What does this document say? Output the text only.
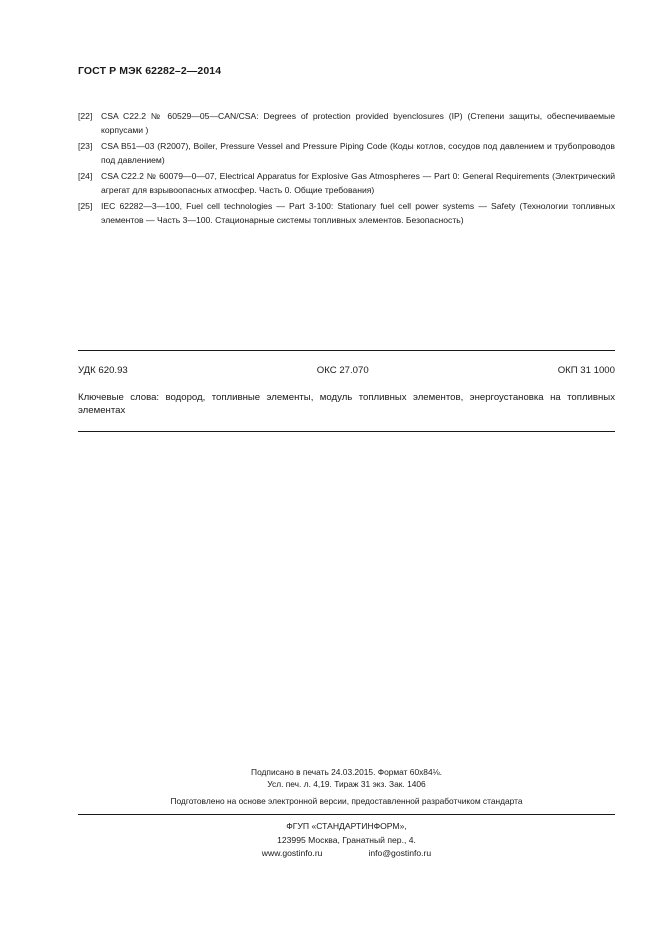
ГОСТ Р МЭК 62282–2—2014
[22]	CSA C22.2 № 60529—05—CAN/CSA: Degrees of protection provided byenclosures (IP) (Степени защиты, обеспечиваемые корпусами )
[23]	CSA B51—03 (R2007), Boiler, Pressure Vessel and Pressure Piping Code (Коды котлов, сосудов под давлением и трубопроводов под давлением)
[24]	CSA C22.2 № 60079—0—07, Electrical Apparatus for Explosive Gas Atmospheres — Part 0: General Requirements (Электрический агрегат для взрывоопасных атмосфер. Часть 0. Общие требования)
[25]	IEC 62282—3—100, Fuel cell technologies — Part 3-100: Stationary fuel cell power systems — Safety (Технологии топливных элементов — Часть 3—100. Стационарные системы топливных элементов. Безопасность)
УДК 620.93	ОКС 27.070	ОКП 31 1000
Ключевые слова: водород, топливные элементы, модуль топливных элементов, энергоустановка на топливных элементах
Подписано в печать 24.03.2015. Формат 60x84⅛.
Усл. печ. л. 4,19. Тираж 31 экз. Зак. 1406
Подготовлено на основе электронной версии, предоставленной разработчиком стандарта
ФГУП «СТАНДАРТИНФОРМ»,
123995 Москва, Гранатный пер., 4.
www.gostinfo.ru	info@gostinfo.ru
